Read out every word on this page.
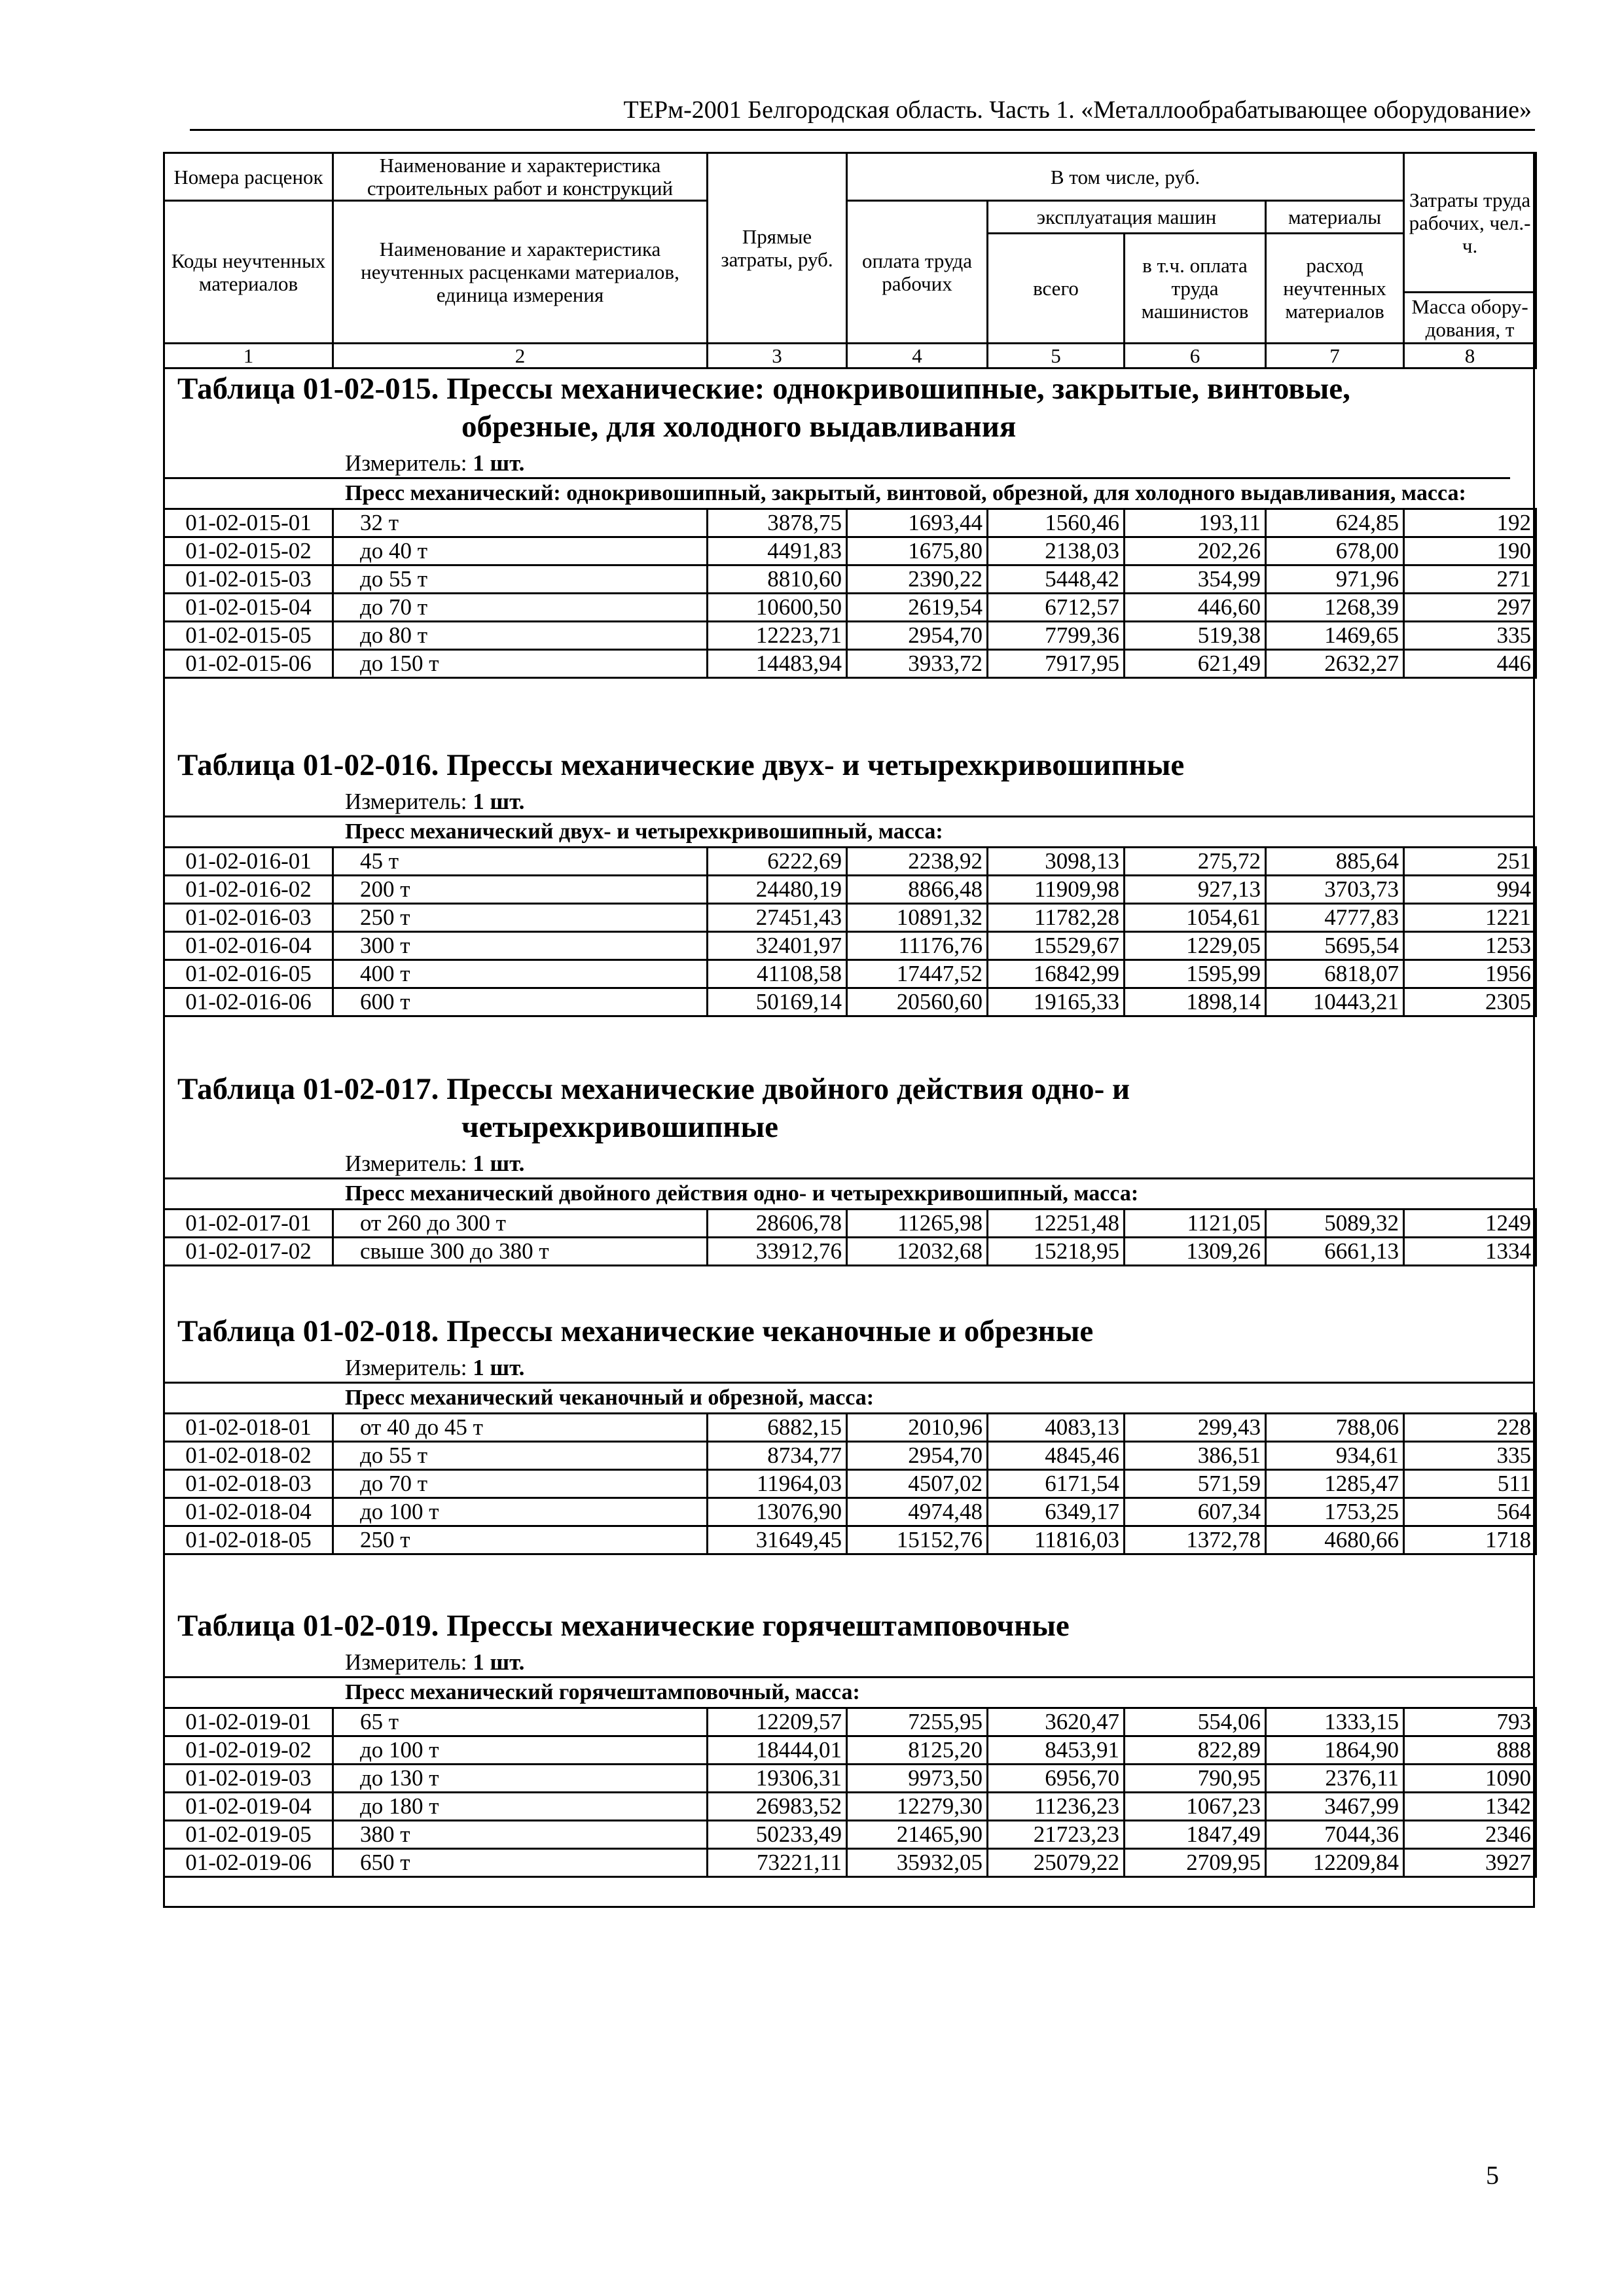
ТЕРм-2001 Белгородская область. Часть 1. «Металлообрабатывающее оборудование»
Номера расценок	Наименование и характеристика строительных работ и конструкций	Прямые затраты, руб.	В том числе, руб.				Затраты труда рабочих, чел.-ч.
Коды неучтенных материалов	Наименование и характеристика неучтенных расценками материалов, единица измерения		оплата труда рабочих	эксплуатация машин		материалы	
				всего	в т.ч. оплата труда машинистов	расход неучтенных материалов	
							Масса обору-дования, т
1	2	3	4	5	6	7	8
Таблица 01-02-015. Прессы механические: однокривошипные, закрытые, винтовые,
обрезные, для холодного выдавливания
Измеритель: 1 шт.
Пресс механический: однокривошипный, закрытый, винтовой, обрезной, для холодного выдавливания, масса:
01-02-015-01	32 т	3878,75	1693,44	1560,46	193,11	624,85	192
01-02-015-02	до 40 т	4491,83	1675,80	2138,03	202,26	678,00	190
01-02-015-03	до 55 т	8810,60	2390,22	5448,42	354,99	971,96	271
01-02-015-04	до 70 т	10600,50	2619,54	6712,57	446,60	1268,39	297
01-02-015-05	до 80 т	12223,71	2954,70	7799,36	519,38	1469,65	335
01-02-015-06	до 150 т	14483,94	3933,72	7917,95	621,49	2632,27	446
Таблица 01-02-016. Прессы механические двух- и четырехкривошипные
Измеритель: 1 шт.
Пресс механический двух- и четырехкривошипный, масса:
01-02-016-01	45 т	6222,69	2238,92	3098,13	275,72	885,64	251
01-02-016-02	200 т	24480,19	8866,48	11909,98	927,13	3703,73	994
01-02-016-03	250 т	27451,43	10891,32	11782,28	1054,61	4777,83	1221
01-02-016-04	300 т	32401,97	11176,76	15529,67	1229,05	5695,54	1253
01-02-016-05	400 т	41108,58	17447,52	16842,99	1595,99	6818,07	1956
01-02-016-06	600 т	50169,14	20560,60	19165,33	1898,14	10443,21	2305
Таблица 01-02-017. Прессы механические двойного действия одно- и
четырехкривошипные
Измеритель: 1 шт.
Пресс механический двойного действия одно- и четырехкривошипный, масса:
01-02-017-01	от 260 до 300 т	28606,78	11265,98	12251,48	1121,05	5089,32	1249
01-02-017-02	свыше 300 до 380 т	33912,76	12032,68	15218,95	1309,26	6661,13	1334
Таблица 01-02-018. Прессы механические чеканочные и обрезные
Измеритель: 1 шт.
Пресс механический чеканочный и обрезной, масса:
01-02-018-01	от 40 до 45 т	6882,15	2010,96	4083,13	299,43	788,06	228
01-02-018-02	до 55 т	8734,77	2954,70	4845,46	386,51	934,61	335
01-02-018-03	до 70 т	11964,03	4507,02	6171,54	571,59	1285,47	511
01-02-018-04	до 100 т	13076,90	4974,48	6349,17	607,34	1753,25	564
01-02-018-05	250 т	31649,45	15152,76	11816,03	1372,78	4680,66	1718
Таблица 01-02-019. Прессы механические горячештамповочные
Измеритель: 1 шт.
Пресс механический горячештамповочный, масса:
01-02-019-01	65 т	12209,57	7255,95	3620,47	554,06	1333,15	793
01-02-019-02	до 100 т	18444,01	8125,20	8453,91	822,89	1864,90	888
01-02-019-03	до 130 т	19306,31	9973,50	6956,70	790,95	2376,11	1090
01-02-019-04	до 180 т	26983,52	12279,30	11236,23	1067,23	3467,99	1342
01-02-019-05	380 т	50233,49	21465,90	21723,23	1847,49	7044,36	2346
01-02-019-06	650 т	73221,11	35932,05	25079,22	2709,95	12209,84	3927
5
